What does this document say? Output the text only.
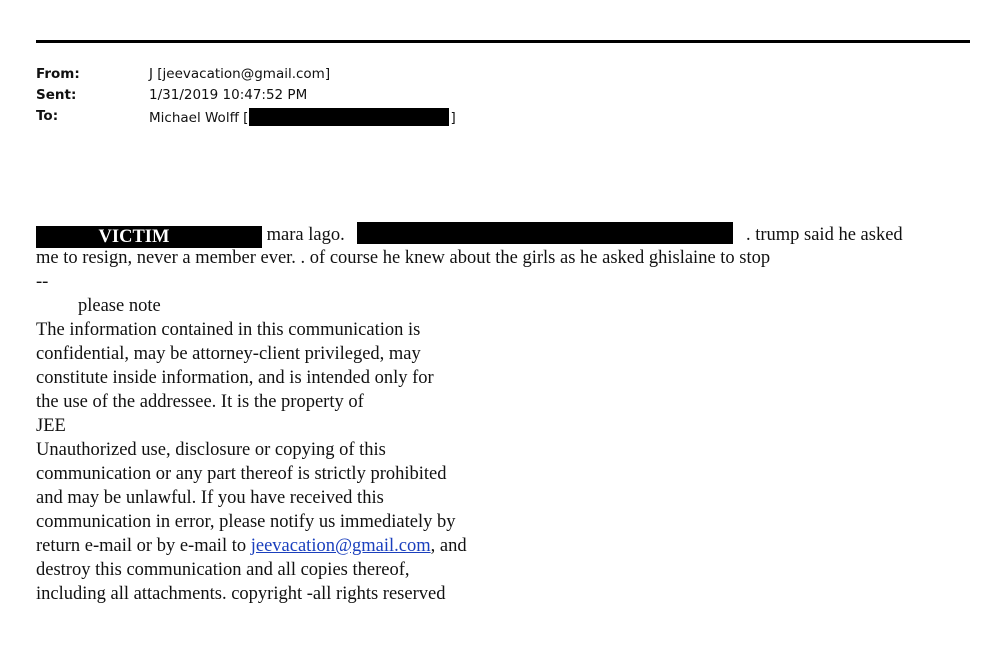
From:	J [jeevacation@gmail.com]
Sent:	1/31/2019 10:47:52 PM
To:	Michael Wolff [	]
VICTIM	mara lago.	. trump said he asked
me to resign, never a member ever. . of course he knew about the girls as he asked ghislaine to stop
--
please note
The information contained in this communication is
confidential, may be attorney-client privileged, may
constitute inside information, and is intended only for
the use of the addressee. It is the property of
JEE
Unauthorized use, disclosure or copying of this
communication or any part thereof is strictly prohibited
and may be unlawful. If you have received this
communication in error, please notify us immediately by
return e-mail or by e-mail to jeevacation@gmail.com, and
destroy this communication and all copies thereof,
including all attachments. copyright -all rights reserved
